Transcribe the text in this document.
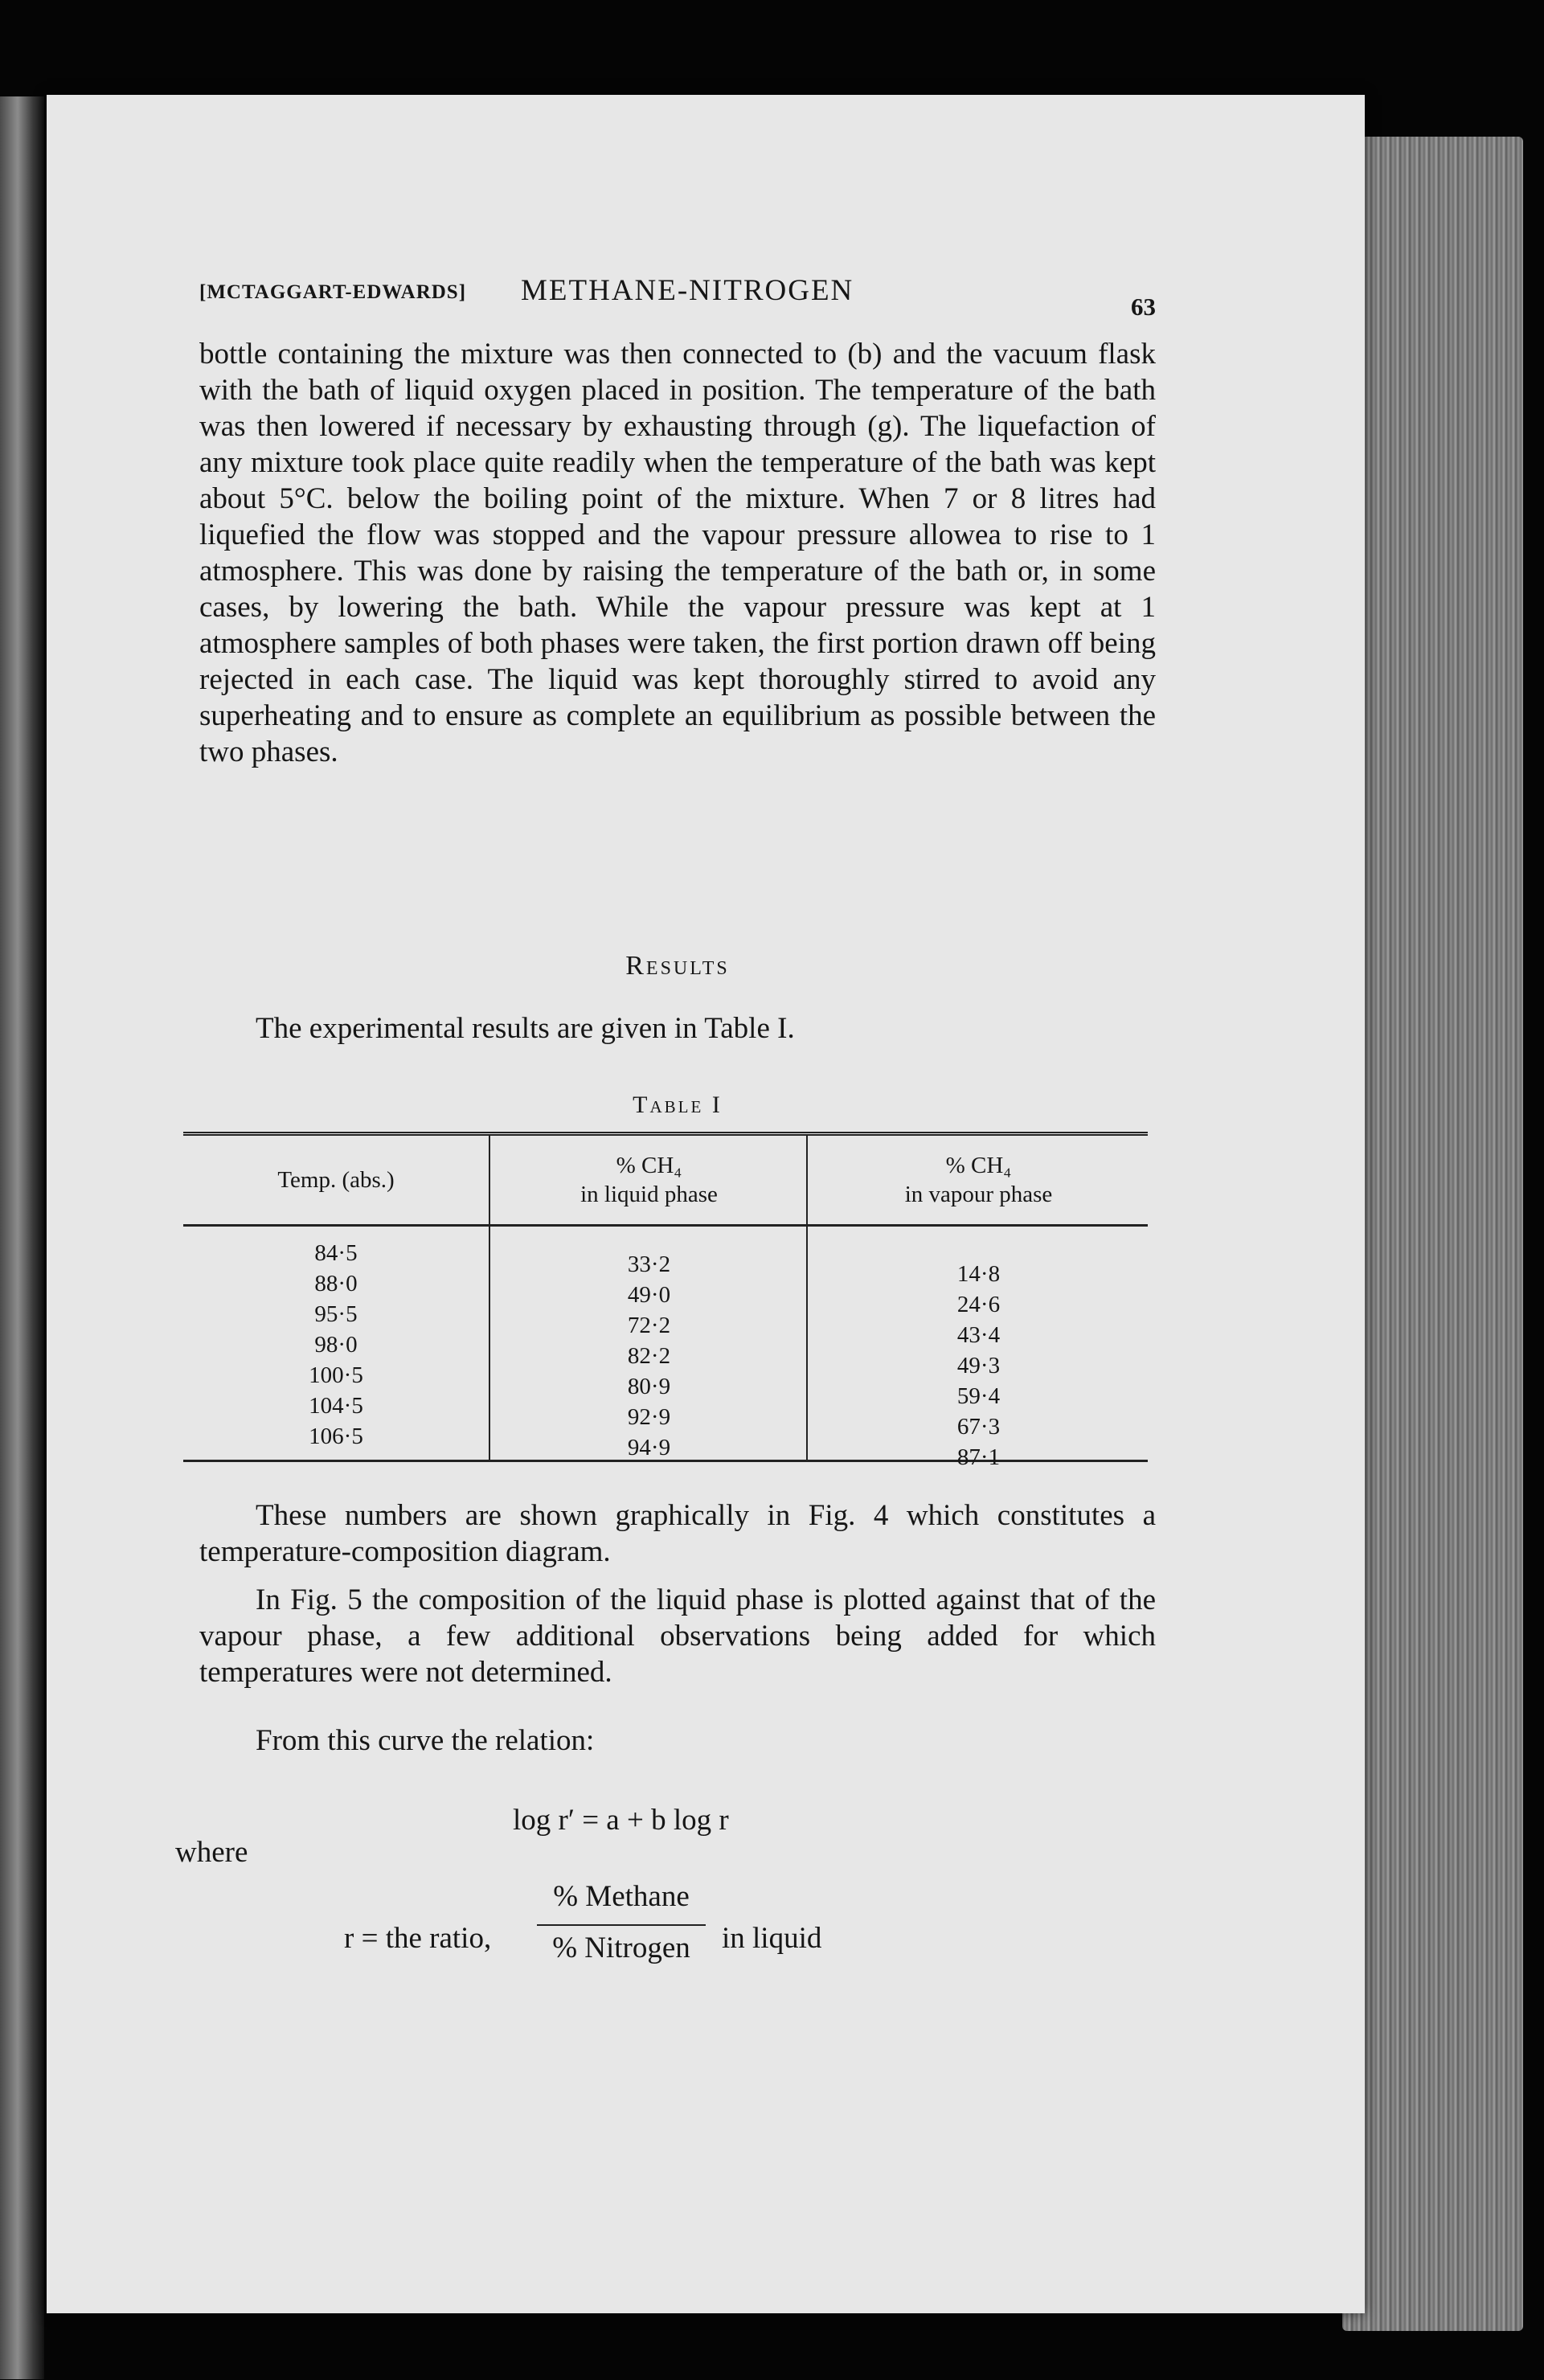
[MCTAGGART-EDWARDS] METHANE-NITROGEN	63
bottle containing the mixture was then connected to (b) and the vacuum flask with the bath of liquid oxygen placed in position. The temperature of the bath was then lowered if necessary by exhausting through (g). The liquefaction of any mixture took place quite readily when the temperature of the bath was kept about 5°C. below the boiling point of the mixture. When 7 or 8 litres had liquefied the flow was stopped and the vapour pressure allowea to rise to 1 atmosphere. This was done by raising the temperature of the bath or, in some cases, by lowering the bath. While the vapour pressure was kept at 1 atmosphere samples of both phases were taken, the first portion drawn off being rejected in each case. The liquid was kept thoroughly stirred to avoid any superheating and to ensure as complete an equilibrium as possible between the two phases.
Results
The experimental results are given in Table I.
Table I
Temp. (abs.)
% CH₄
in liquid phase
% CH₄
in vapour phase
84·5
88·0
95·5
98·0
100·5
104·5
106·5
33·2
49·0
72·2
82·2
80·9
92·9
94·9
14·8
24·6
43·4
49·3
59·4
67·3
87·1
These numbers are shown graphically in Fig. 4 which constitutes a temperature-composition diagram.
In Fig. 5 the composition of the liquid phase is plotted against that of the vapour phase, a few additional observations being added for which temperatures were not determined.
From this curve the relation:
log r′ = a + b log r
where
r = the ratio,
% Methane
% Nitrogen	in liquid
